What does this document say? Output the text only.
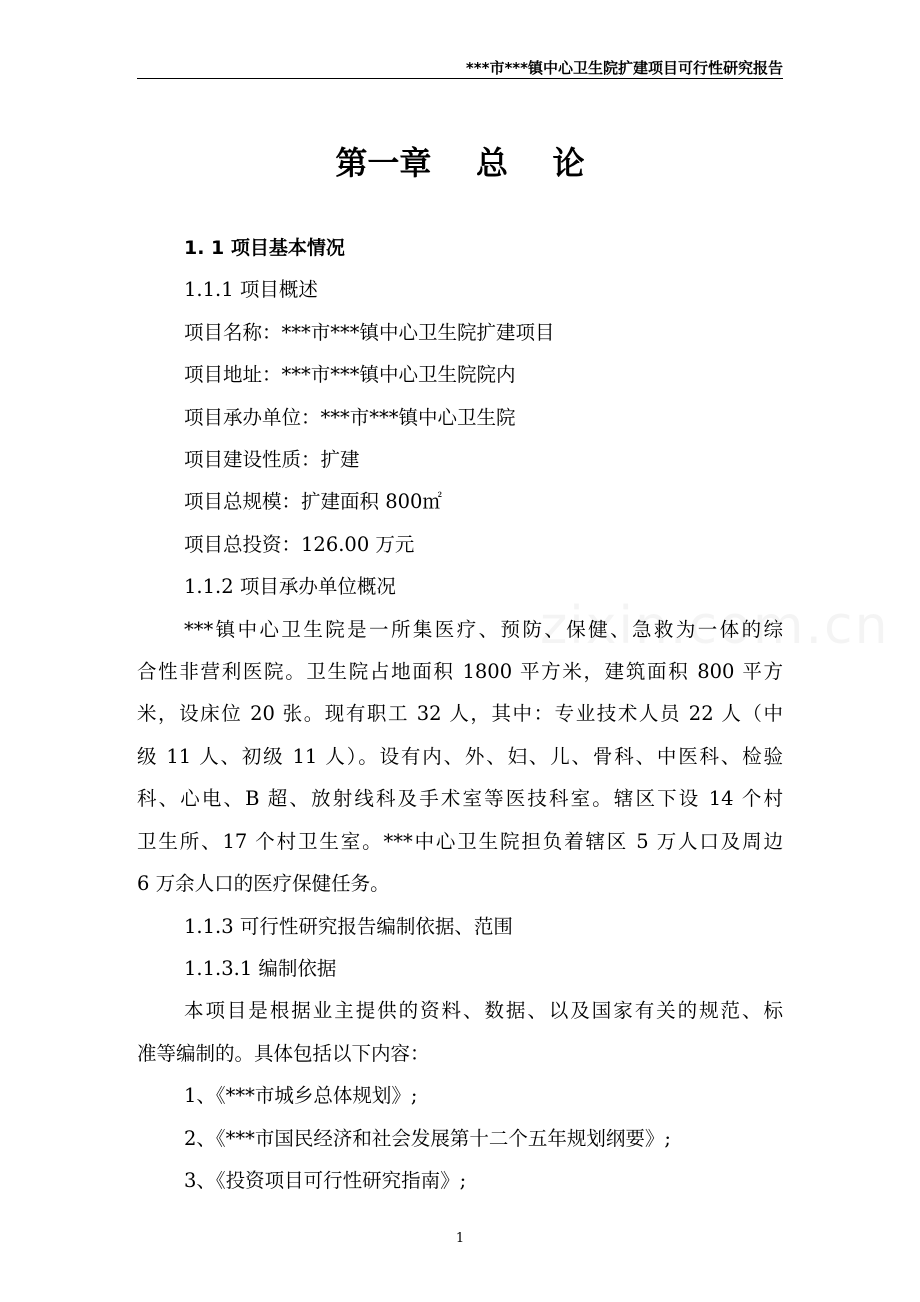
***市***镇中心卫生院扩建项目可行性研究报告
第一章    总    论
1. 1 项目基本情况
1.1.1 项目概述
项目名称：***市***镇中心卫生院扩建项目
项目地址：***市***镇中心卫生院院内
项目承办单位：***市***镇中心卫生院
项目建设性质：扩建
项目总规模：扩建面积 800㎡
项目总投资：126.00 万元
1.1.2 项目承办单位概况
***镇中心卫生院是一所集医疗、预防、保健、急救为一体的综
合性非营利医院。卫生院占地面积 1800 平方米，建筑面积 800 平方
米，设床位 20 张。现有职工 32 人，其中：专业技术人员 22 人（中
级 11 人、初级 11 人）。设有内、外、妇、儿、骨科、中医科、检验
科、心电、B 超、放射线科及手术室等医技科室。辖区下设 14 个村
卫生所、17 个村卫生室。***中心卫生院担负着辖区 5 万人口及周边
6 万余人口的医疗保健任务。
1.1.3 可行性研究报告编制依据、范围
1.1.3.1 编制依据
本项目是根据业主提供的资料、数据、以及国家有关的规范、标
准等编制的。具体包括以下内容：
1、《***市城乡总体规划》;
2、《***市国民经济和社会发展第十二个五年规划纲要》;
3、《投资项目可行性研究指南》;
1
